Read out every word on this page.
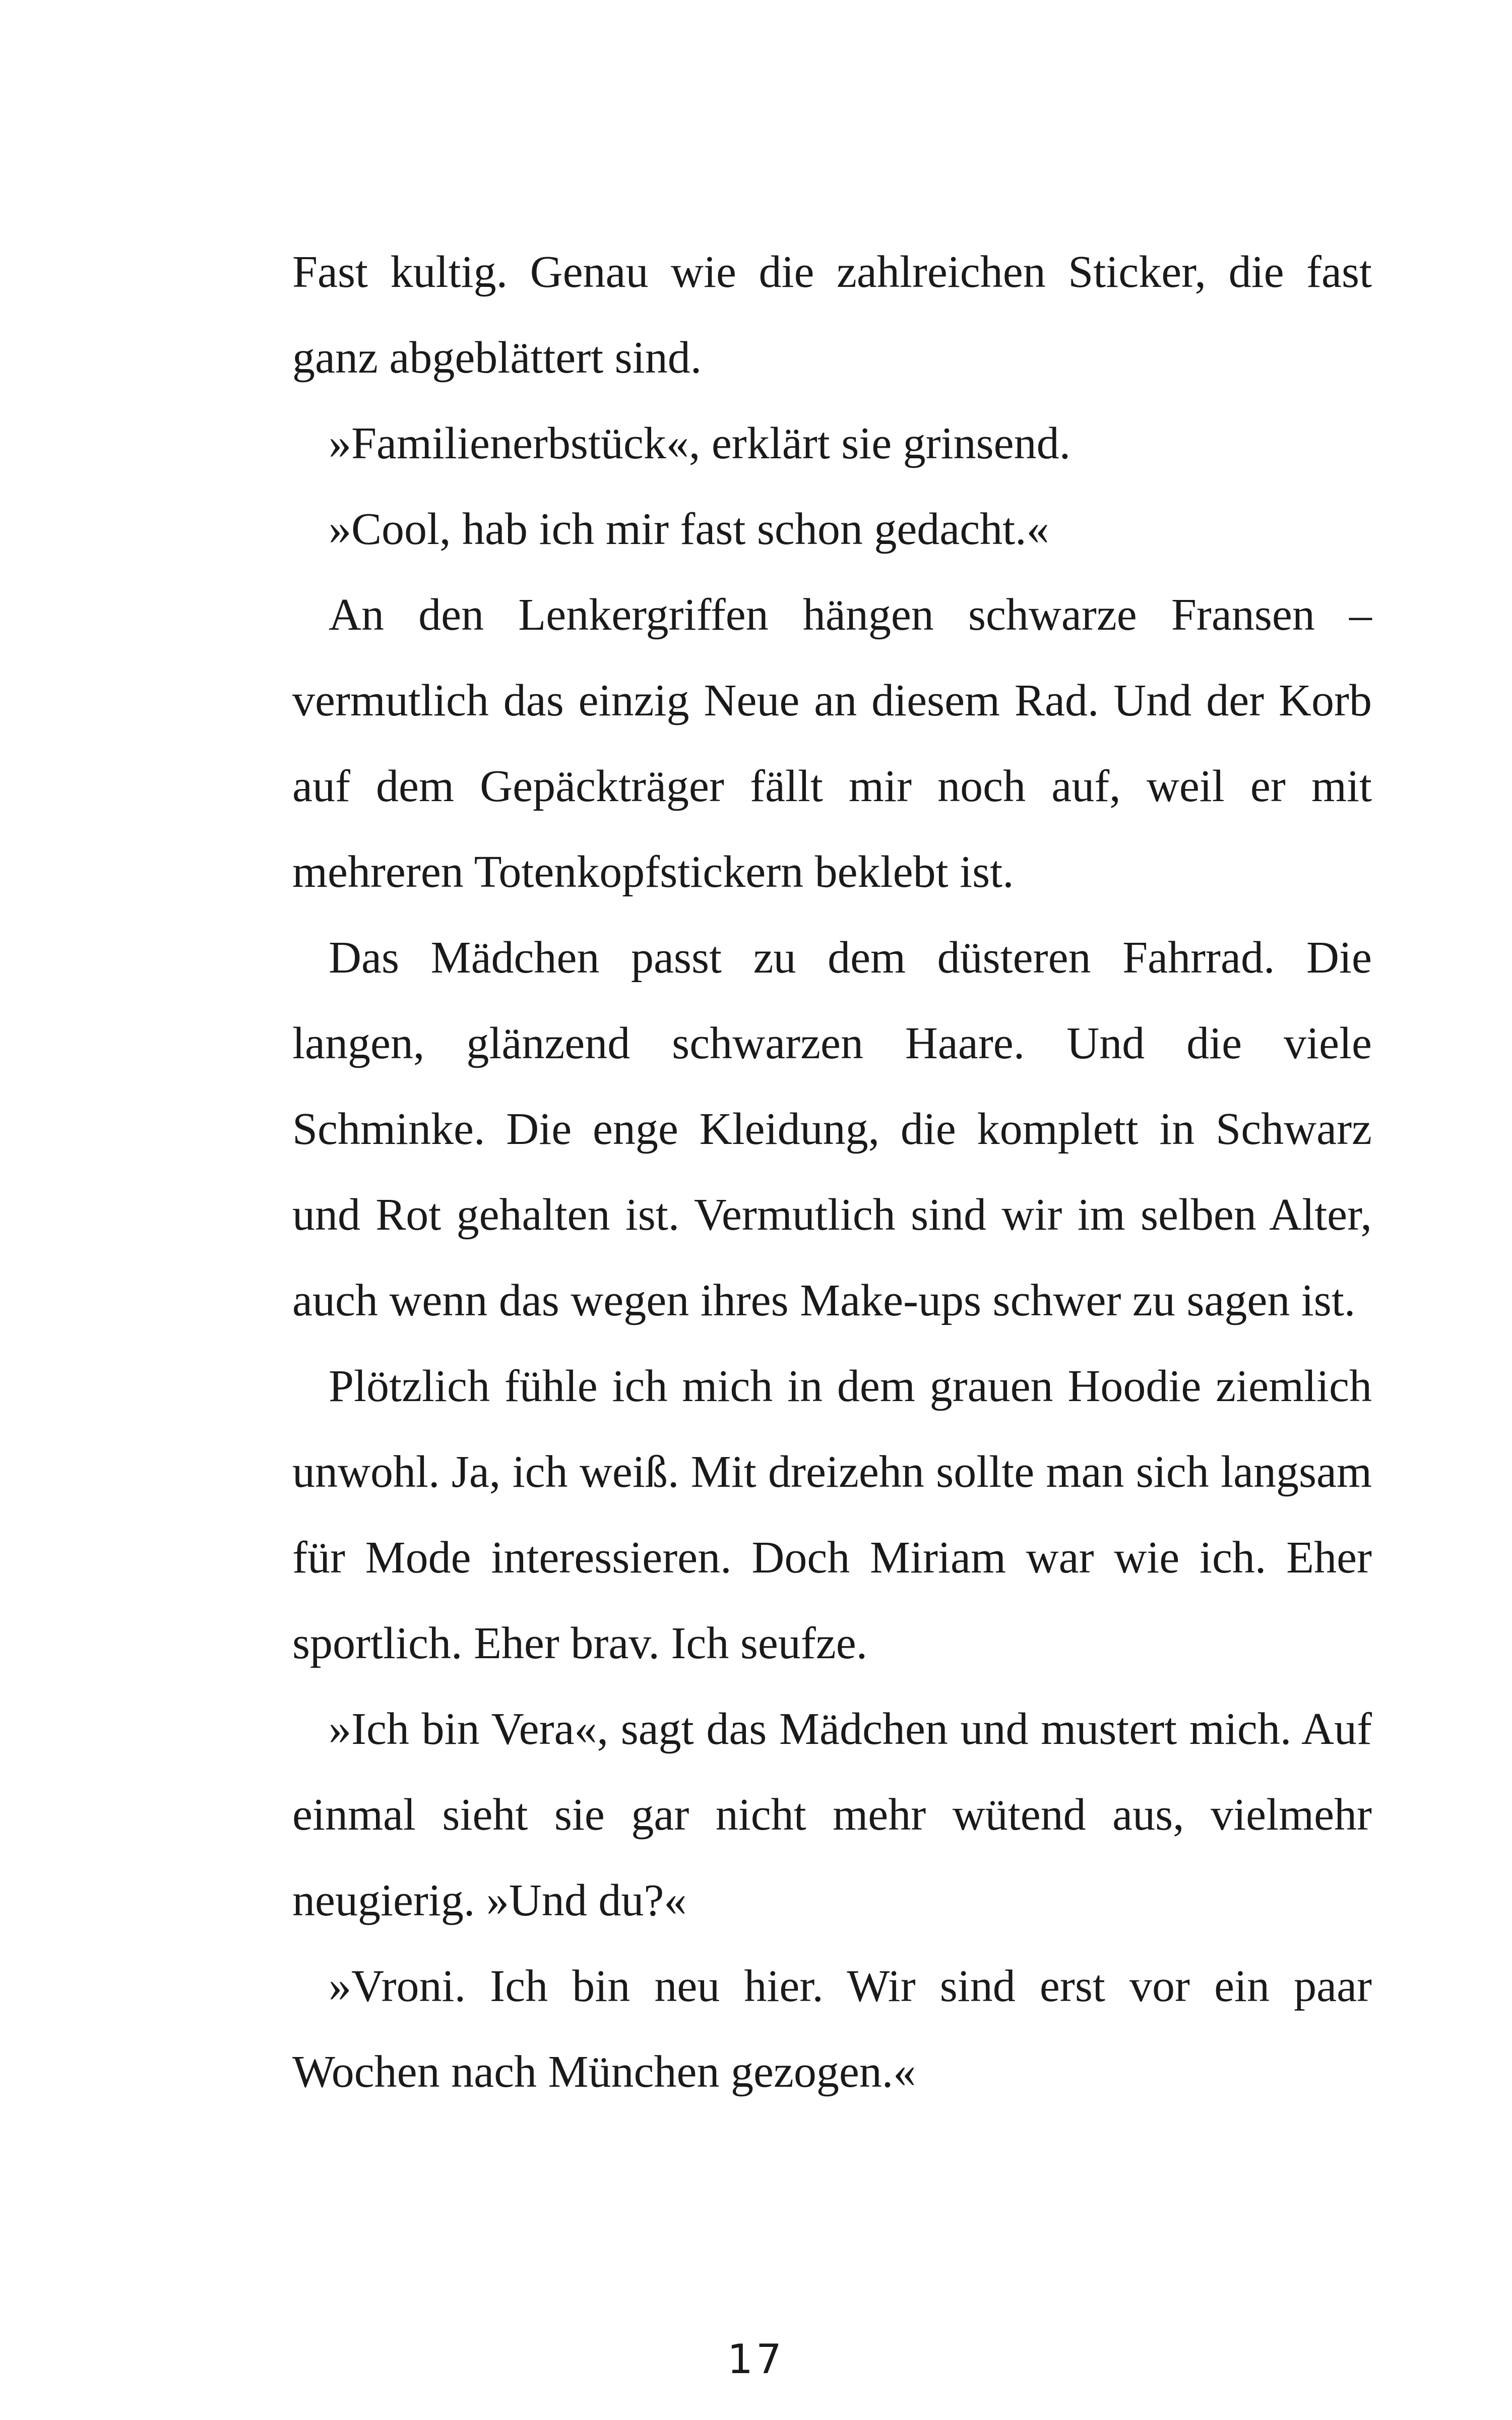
Fast kultig. Genau wie die zahlreichen Sticker, die fast ganz abgeblättert sind.

»Familienerbstück«, erklärt sie grinsend.

»Cool, hab ich mir fast schon gedacht.«

An den Lenkergriffen hängen schwarze Fransen – vermutlich das einzig Neue an diesem Rad. Und der Korb auf dem Gepäckträger fällt mir noch auf, weil er mit mehreren Totenkopfstickern beklebt ist.

Das Mädchen passt zu dem düsteren Fahrrad. Die langen, glänzend schwarzen Haare. Und die viele Schminke. Die enge Kleidung, die komplett in Schwarz und Rot gehalten ist. Vermutlich sind wir im selben Alter, auch wenn das wegen ihres Make-ups schwer zu sagen ist.

Plötzlich fühle ich mich in dem grauen Hoodie ziemlich unwohl. Ja, ich weiß. Mit dreizehn sollte man sich langsam für Mode interessieren. Doch Miriam war wie ich. Eher sportlich. Eher brav. Ich seufze.

»Ich bin Vera«, sagt das Mädchen und mustert mich. Auf einmal sieht sie gar nicht mehr wütend aus, vielmehr neugierig. »Und du?«

»Vroni. Ich bin neu hier. Wir sind erst vor ein paar Wochen nach München gezogen.«

17
